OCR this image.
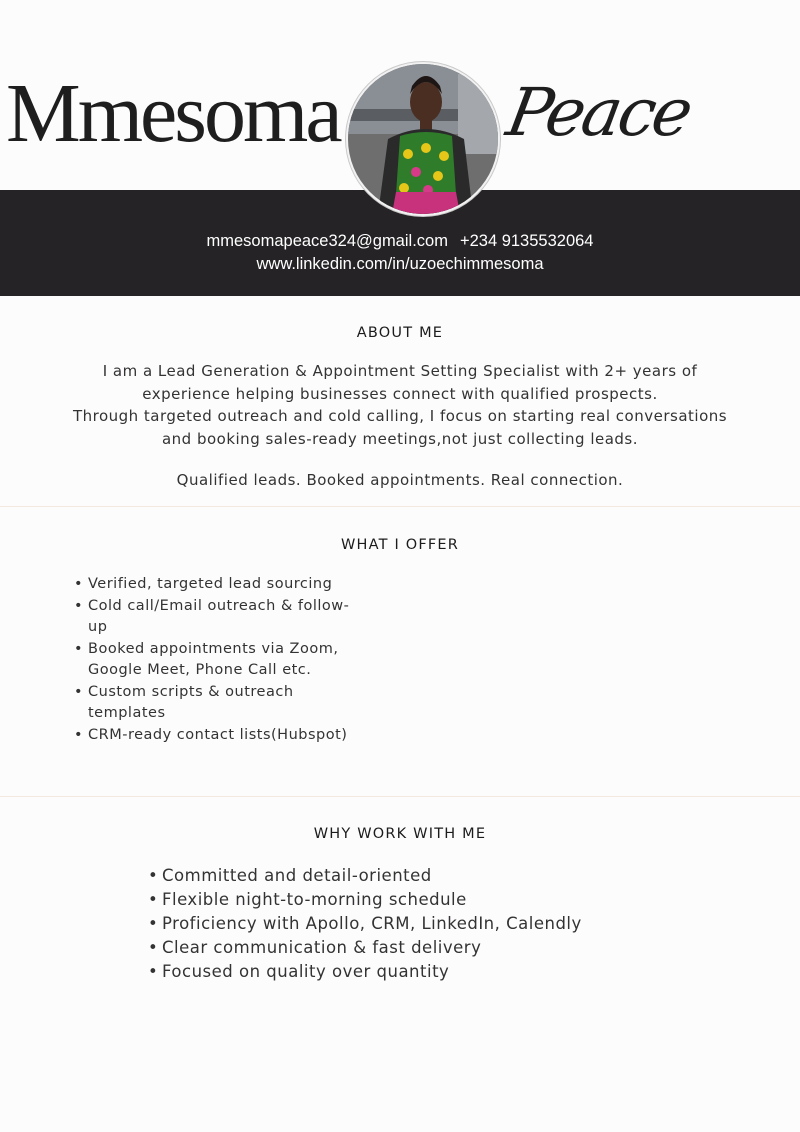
Mmesoma Peace
mmesomapeace324@gmail.com +234 9135532064
www.linkedin.com/in/uzoechimmesoma
ABOUT ME

I am a Lead Generation & Appointment Setting Specialist with 2+ years of

experience helping businesses connect with qualified prospects.

Through targeted outreach and cold calling, I focus on starting real conversations

and booking sales-ready meetings,not just collecting leads.

Qualified leads. Booked appointments. Real connection.

WHAT I OFFER
• Verified, targeted lead sourcing
• Cold call/Email outreach & follow-up
• Booked appointments via Zoom, Google Meet, Phone Call etc.
• Custom scripts & outreach templates
• CRM-ready contact lists(Hubspot)
WHY WORK WITH ME
• Committed and detail-oriented
• Flexible night-to-morning schedule
• Proficiency with Apollo, CRM, LinkedIn, Calendly
• Clear communication & fast delivery
• Focused on quality over quantity
